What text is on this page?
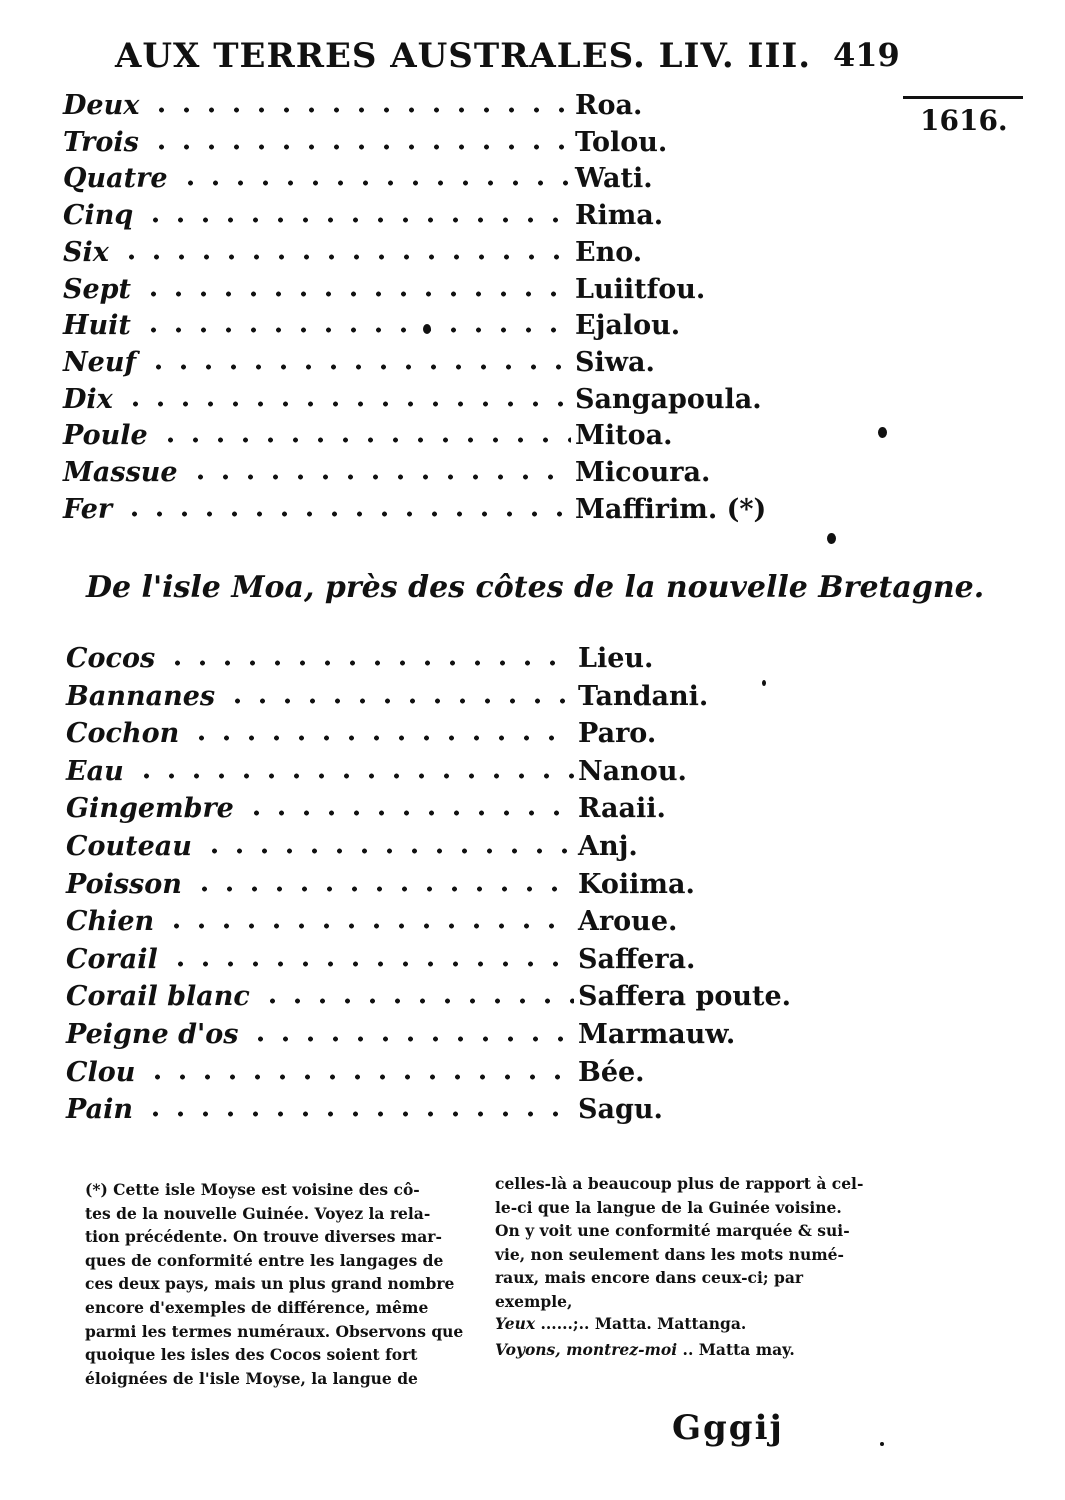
AUX TERRES AUSTRALES. LIV. III. 419
1616.
Deux	Roa.
Trois	Tolou.
Quatre	Wati.
Cinq	Rima.
Six	Eno.
Sept	Luiitfou.
Huit	Ejalou.
Neuf	Siwa.
Dix	Sangapoula.
Poule	Mitoa.
Massue	Micoura.
Fer	Maffirim. (*)
De l'isle Moa, près des côtes de la nouvelle Bretagne.
Cocos	Lieu.
Bannanes	Tandani.
Cochon	Paro.
Eau	Nanou.
Gingembre	Raaii.
Couteau	Anj.
Poisson	Koiima.
Chien	Aroue.
Corail	Saffera.
Corail blanc	Saffera poute.
Peigne d'os	Marmauw.
Clou	Bée.
Pain	Sagu.
(*) Cette isle Moyse est voisine des cô-
tes de la nouvelle Guinée. Voyez la rela-
tion précédente. On trouve diverses mar-
ques de conformité entre les langages de
ces deux pays, mais un plus grand nombre
encore d'exemples de différence, même
parmi les termes numéraux. Observons que
quoique les isles des Cocos soient fort
éloignées de l'isle Moyse, la langue de
celles-là a beaucoup plus de rapport à cel-
le-ci que la langue de la Guinée voisine.
On y voit une conformité marquée & sui-
vie, non seulement dans les mots numé-
raux, mais encore dans ceux-ci; par
exemple,
Yeux ......;.. Matta. Mattanga.
Voyons, montrez-moi .. Matta may.
Gggij
